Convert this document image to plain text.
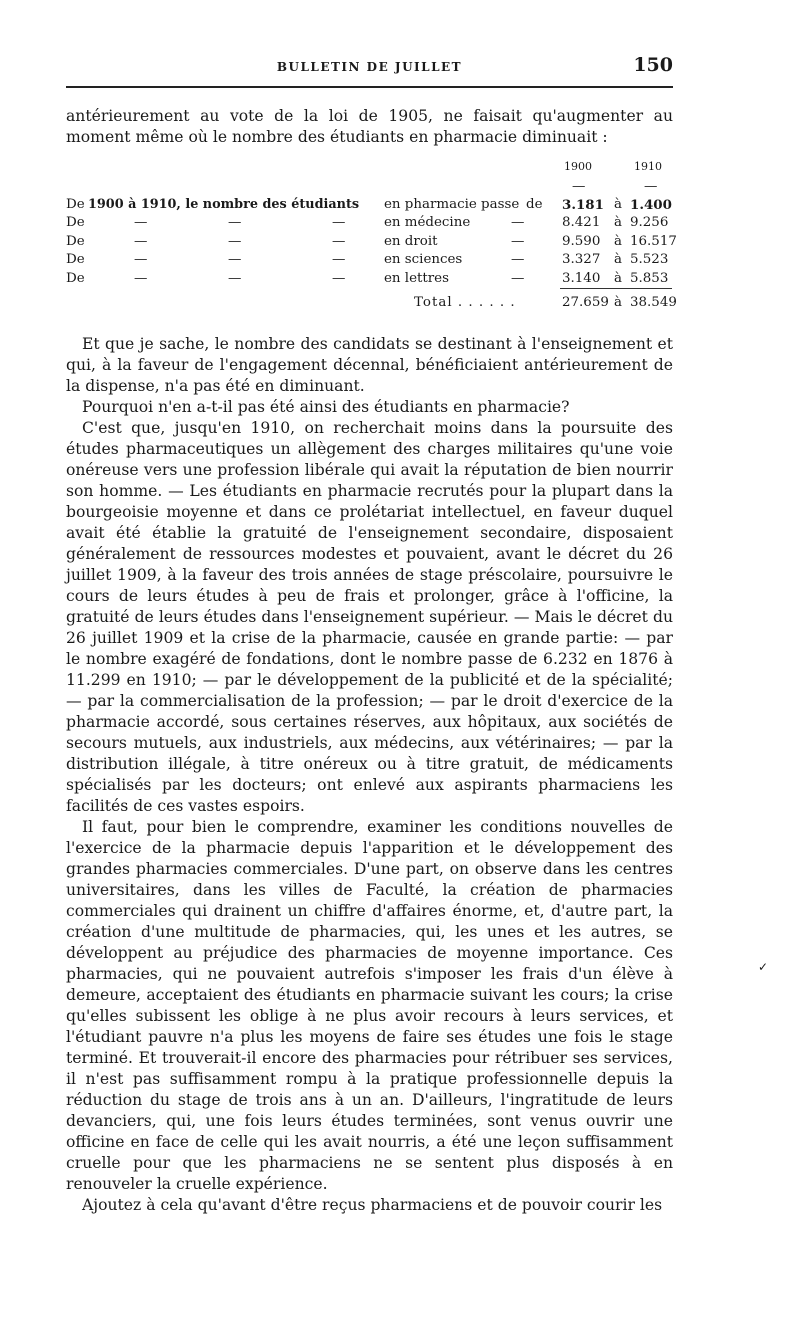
BULLETIN DE JUILLET	150

antérieurement au vote de la loi de 1905, ne faisait qu'augmenter au moment même où le nombre des étudiants en pharmacie diminuait :

1900	1910
—	—
De 1900 à 1910, le nombre des étudiants en pharmacie passe de 3.181 à 1.400
De	—	—	—	en médecine	—	8.421 à 9.256
De	—	—	—	en droit	—	9.590 à 16.517
De	—	—	—	en sciences	—	3.327 à 5.523
De	—	—	—	en lettres	—	3.140 à 5.853
Total . . . . . .	27.659 à 38.549

Et que je sache, le nombre des candidats se destinant à l'enseignement et qui, à la faveur de l'engagement décennal, bénéficiaient antérieurement de la dispense, n'a pas été en diminuant.

Pourquoi n'en a-t-il pas été ainsi des étudiants en pharmacie?

C'est que, jusqu'en 1910, on recherchait moins dans la poursuite des études pharmaceutiques un allègement des charges militaires qu'une voie onéreuse vers une profession libérale qui avait la réputation de bien nourrir son homme. — Les étudiants en pharmacie recrutés pour la plupart dans la bourgeoisie moyenne et dans ce prolétariat intellectuel, en faveur duquel avait été établie la gratuité de l'enseignement secondaire, disposaient généralement de ressources modestes et pouvaient, avant le décret du 26 juillet 1909, à la faveur des trois années de stage préscolaire, poursuivre le cours de leurs études à peu de frais et prolonger, grâce à l'officine, la gratuité de leurs études dans l'enseignement supérieur. — Mais le décret du 26 juillet 1909 et la crise de la pharmacie, causée en grande partie: — par le nombre exagéré de fondations, dont le nombre passe de 6.232 en 1876 à 11.299 en 1910; — par le développement de la publicité et de la spécialité; — par la commercialisation de la profession; — par le droit d'exercice de la pharmacie accordé, sous certaines réserves, aux hôpitaux, aux sociétés de secours mutuels, aux industriels, aux médecins, aux vétérinaires; — par la distribution illégale, à titre onéreux ou à titre gratuit, de médicaments spécialisés par les docteurs; ont enlevé aux aspirants pharmaciens les facilités de ces vastes espoirs.

Il faut, pour bien le comprendre, examiner les conditions nouvelles de l'exercice de la pharmacie depuis l'apparition et le développement des grandes pharmacies commerciales. D'une part, on observe dans les centres universitaires, dans les villes de Faculté, la création de pharmacies commerciales qui drainent un chiffre d'affaires énorme, et, d'autre part, la création d'une multitude de pharmacies, qui, les unes et les autres, se développent au préjudice des pharmacies de moyenne importance. Ces pharmacies, qui ne pouvaient autrefois s'imposer les frais d'un élève à demeure, acceptaient des étudiants en pharmacie suivant les cours; la crise qu'elles subissent les oblige à ne plus avoir recours à leurs services, et l'étudiant pauvre n'a plus les moyens de faire ses études une fois le stage terminé. Et trouverait-il encore des pharmacies pour rétribuer ses services, il n'est pas suffisamment rompu à la pratique professionnelle depuis la réduction du stage de trois ans à un an. D'ailleurs, l'ingratitude de leurs devanciers, qui, une fois leurs études terminées, sont venus ouvrir une officine en face de celle qui les avait nourris, a été une leçon suffisamment cruelle pour que les pharmaciens ne se sentent plus disposés à en renouveler la cruelle expérience.

Ajoutez à cela qu'avant d'être reçus pharmaciens et de pouvoir courir les

✓
